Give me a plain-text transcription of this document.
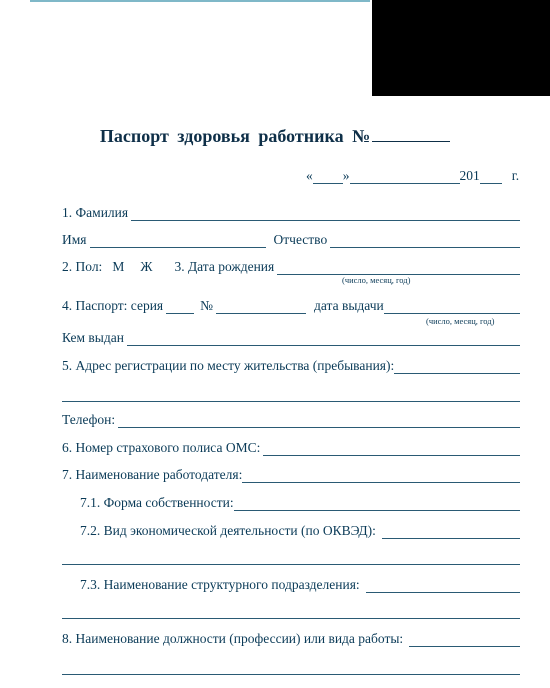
Паспорт здоровья работника №
« »	201 г.
1. Фамилия
Имя	Отчество
2. Пол: М Ж 3. Дата рождения
(число, месяц, год)
4. Паспорт: серия	№	дата выдачи
(число, месяц, год)
Кем выдан
5. Адрес регистрации по месту жительства (пребывания):
Телефон:
6. Номер страхового полиса ОМС:
7. Наименование работодателя:
7.1. Форма собственности:
7.2. Вид экономической деятельности (по ОКВЭД):
7.3. Наименование структурного подразделения:
8. Наименование должности (профессии) или вида работы:
